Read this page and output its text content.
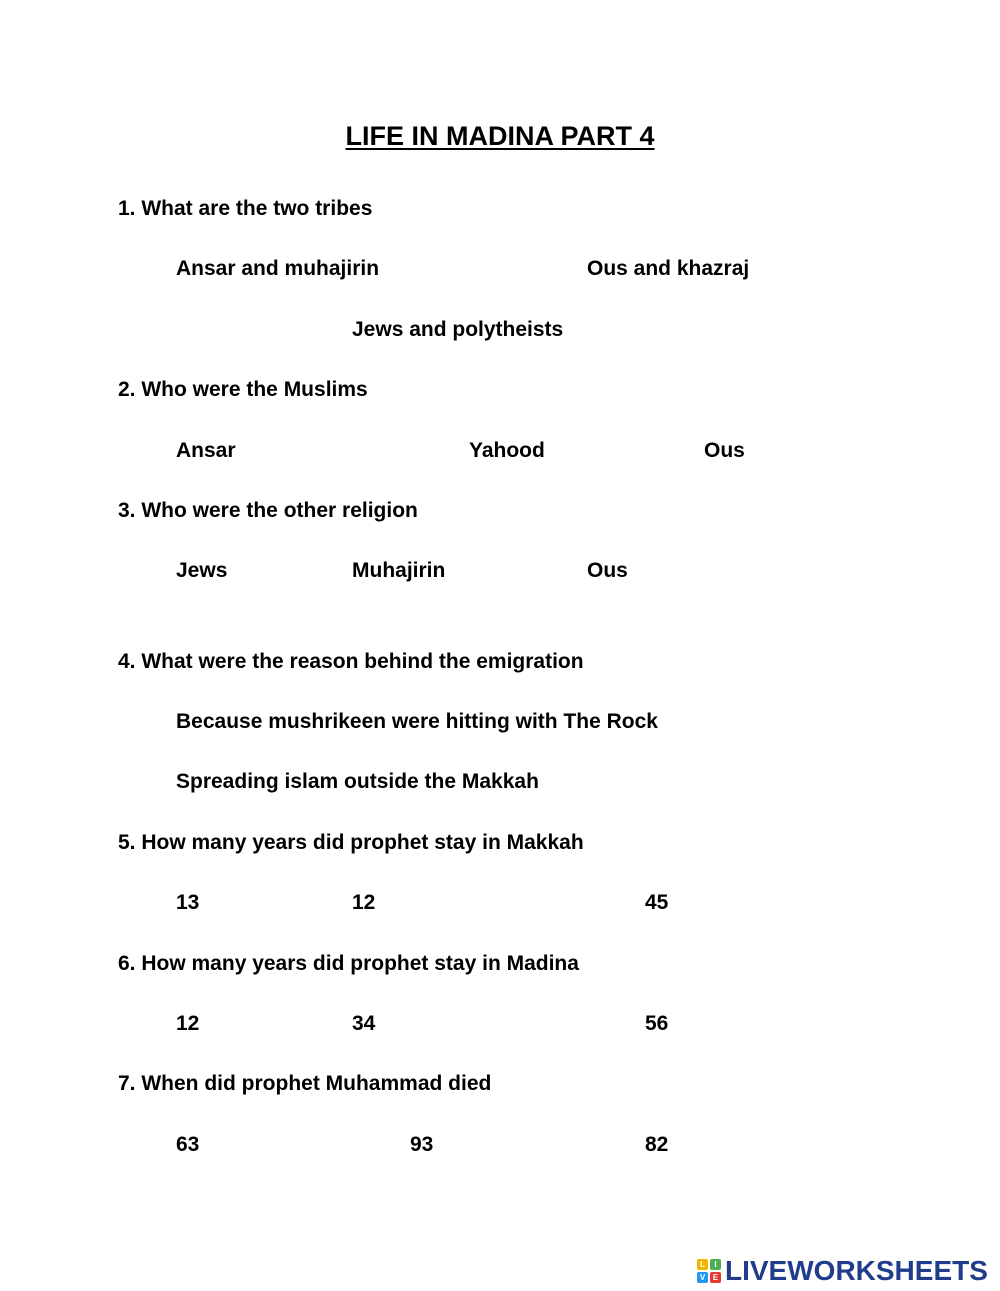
LIFE IN MADINA PART 4
1. What are the two tribes
Ansar and muhajirin	Ous and khazraj
Jews and polytheists
2. Who were the Muslims
Ansar	Yahood	Ous
3. Who were the other religion
Jews	Muhajirin	Ous
4. What were the reason behind the emigration
Because mushrikeen were hitting with The Rock
Spreading islam outside the Makkah
5. How many years did prophet stay in Makkah
13	12	45
6. How many years did prophet stay in Madina
12	34	56
7. When did prophet Muhammad died
63	93	82
L	I
V E LIVEWORKSHEETS
